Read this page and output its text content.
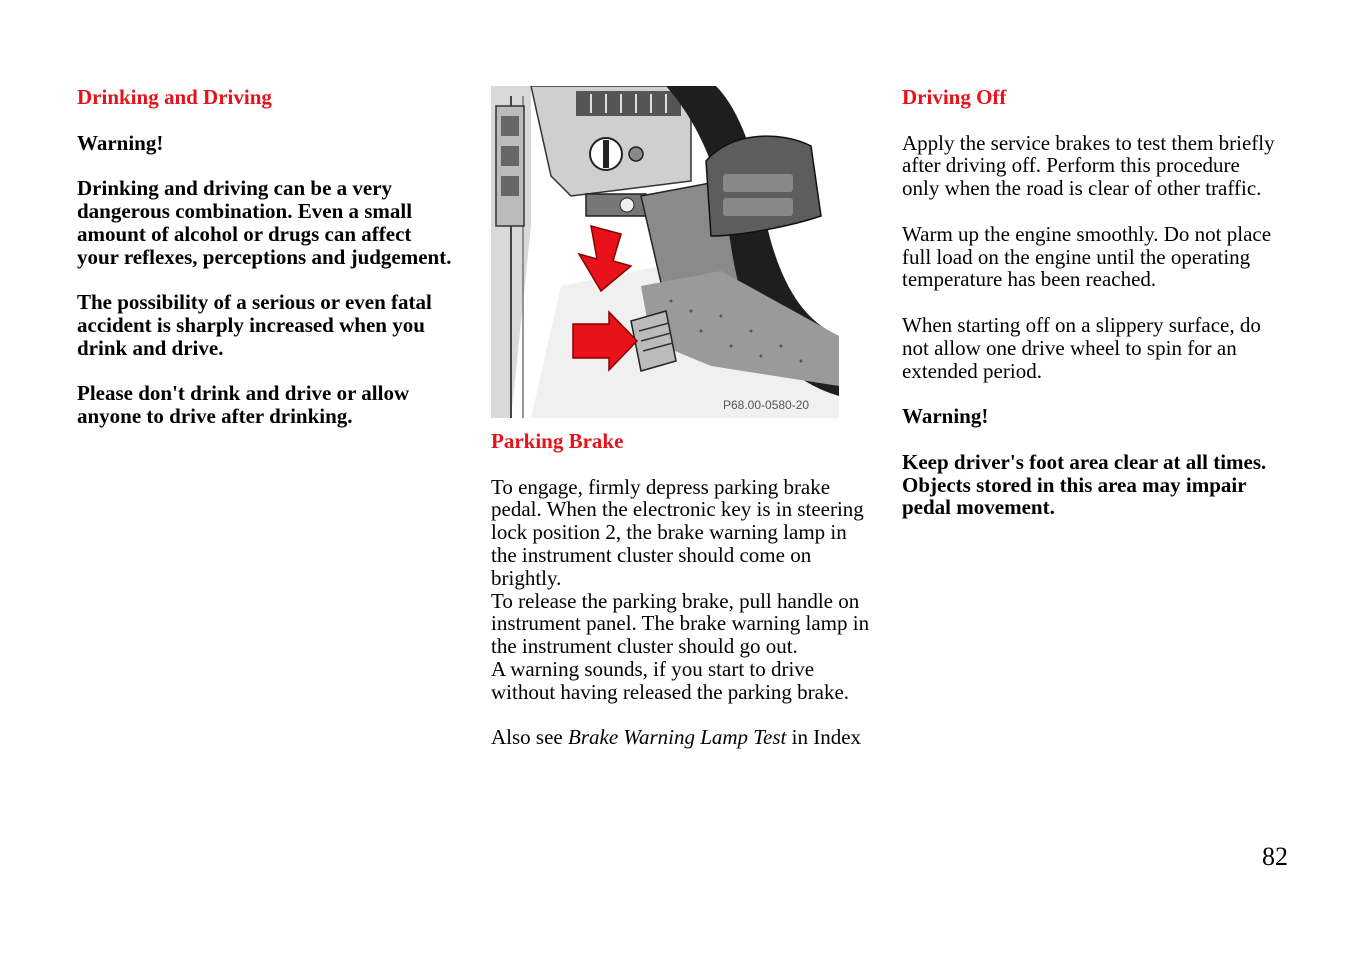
Drinking and Driving

Warning!

Drinking and driving can be a very dangerous combination. Even a small amount of alcohol or drugs can affect your reflexes, perceptions and judgement.

The possibility of a serious or even fatal accident is sharply increased when you drink and drive.

Please don't drink and drive or allow anyone to drive after drinking.	P68.00-0580-20

Parking Brake

To engage, firmly depress parking brake pedal. When the electronic key is in steering lock position 2, the brake warning lamp in the instrument cluster should come on brightly.

To release the parking brake, pull handle on instrument panel. The brake warning lamp in the instrument cluster should go out.

A warning sounds, if you start to drive without having released the parking brake.

Also see Brake Warning Lamp Test in Index

Driving Off

Apply the service brakes to test them briefly after driving off. Perform this procedure only when the road is clear of other traffic.

Warm up the engine smoothly. Do not place full load on the engine until the operating temperature has been reached.

When starting off on a slippery surface, do not allow one drive wheel to spin for an extended period.

Warning!

Keep driver's foot area clear at all times. Objects stored in this area may impair pedal movement.

82
